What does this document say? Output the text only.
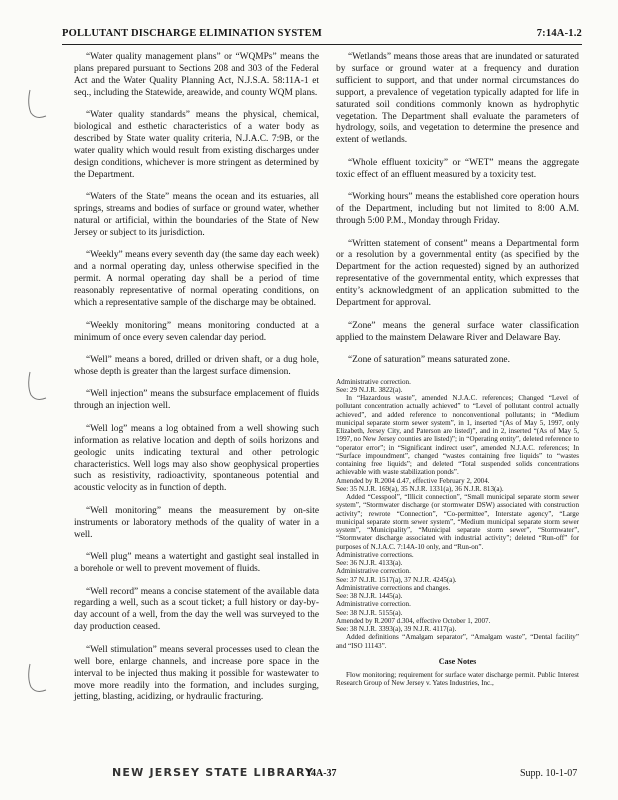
POLLUTANT DISCHARGE ELIMINATION SYSTEM	7:14A-1.2

“Water quality management plans” or “WQMPs” means the plans prepared pursuant to Sections 208 and 303 of the Federal Act and the Water Quality Planning Act, N.J.S.A. 58:11A-1 et seq., including the Statewide, areawide, and county WQM plans.

“Water quality standards” means the physical, chemical, biological and esthetic characteristics of a water body as described by State water quality criteria, N.J.A.C. 7:9B, or the water quality which would result from existing discharges under design conditions, whichever is more stringent as determined by the Department.

“Waters of the State” means the ocean and its estuaries, all springs, streams and bodies of surface or ground water, whether natural or artificial, within the boundaries of the State of New Jersey or subject to its jurisdiction.

“Weekly” means every seventh day (the same day each week) and a normal operating day, unless otherwise specified in the permit. A normal operating day shall be a period of time reasonably representative of normal operating conditions, on which a representative sample of the discharge may be obtained.

“Weekly monitoring” means monitoring conducted at a minimum of once every seven calendar day period.

“Well” means a bored, drilled or driven shaft, or a dug hole, whose depth is greater than the largest surface dimension.

“Well injection” means the subsurface emplacement of fluids through an injection well.

“Well log” means a log obtained from a well showing such information as relative location and depth of soils horizons and geologic units indicating textural and other petrologic characteristics. Well logs may also show geophysical properties such as resistivity, radioactivity, spontaneous potential and acoustic velocity as in function of depth.

“Well monitoring” means the measurement by on-site instruments or laboratory methods of the quality of water in a well.

“Well plug” means a watertight and gastight seal installed in a borehole or well to prevent movement of fluids.

“Well record” means a concise statement of the available data regarding a well, such as a scout ticket; a full history or day-by-day account of a well, from the day the well was surveyed to the day production ceased.

“Well stimulation” means several processes used to clean the well bore, enlarge channels, and increase pore space in the interval to be injected thus making it possible for wastewater to move more readily into the formation, and includes surging, jetting, blasting, acidizing, or hydraulic fracturing.

“Wetlands” means those areas that are inundated or saturated by surface or ground water at a frequency and duration sufficient to support, and that under normal circumstances do support, a prevalence of vegetation typically adapted for life in saturated soil conditions commonly known as hydrophytic vegetation. The Department shall evaluate the parameters of hydrology, soils, and vegetation to determine the presence and extent of wetlands.

“Whole effluent toxicity” or “WET” means the aggregate toxic effect of an effluent measured by a toxicity test.

“Working hours” means the established core operation hours of the Department, including but not limited to 8:00 A.M. through 5:00 P.M., Monday through Friday.

“Written statement of consent” means a Departmental form or a resolution by a governmental entity (as specified by the Department for the action requested) signed by an authorized representative of the governmental entity, which expresses that entity’s acknowledgment of an application submitted to the Department for approval.

“Zone” means the general surface water classification applied to the mainstem Delaware River and Delaware Bay.

“Zone of saturation” means saturated zone.

Administrative correction.

See: 29 N.J.R. 3822(a).

In “Hazardous waste”, amended N.J.A.C. references; Changed “Level of pollutant concentration actually achieved” to “Level of pollutant control actually achieved”, and added reference to nonconventional pollutants; in “Medium municipal separate storm sewer system”, in 1, inserted “(As of May 5, 1997, only Elizabeth, Jersey City, and Paterson are listed)”, and in 2, inserted “(As of May 5, 1997, no New Jersey counties are listed)”; in “Operating entity”, deleted reference to “operator error”; in “Significant indirect user”, amended N.J.A.C. references; In “Surface impoundment”, changed “wastes containing free liquids” to “wastes containing free liquids”; and deleted “Total suspended solids concentrations achievable with waste stabilization ponds”.

Amended by R.2004 d.47, effective February 2, 2004.

See: 35 N.J.R. 169(a), 35 N.J.R. 1331(a), 36 N.J.R. 813(a).

Added “Cesspool”, “Illicit connection”, “Small municipal separate storm sewer system”, “Stormwater discharge (or stormwater DSW) associated with construction activity”; rewrote “Connection”, “Co-permittee”, Interstate agency”, “Large municipal separate storm sewer system”, “Medium municipal separate storm sewer system”, “Municipality”, “Municipal separate storm sewer”, “Stormwater”, “Stormwater discharge associated with industrial activity”; deleted “Run-off” for purposes of N.J.A.C. 7:14A-10 only, and “Run-on”.

Administrative corrections.

See: 36 N.J.R. 4133(a).

Administrative correction.

See: 37 N.J.R. 1517(a), 37 N.J.R. 4245(a).

Administrative corrections and changes.

See: 38 N.J.R. 1445(a).

Administrative correction.

See: 38 N.J.R. 5155(a).

Amended by R.2007 d.304, effective October 1, 2007.

See: 38 N.J.R. 3393(a), 39 N.J.R. 4117(a).

Added definitions “Amalgam separator”, “Amalgam waste”, “Dental facility” and “ISO 11143”.

Case Notes

Flow monitoring; requirement for surface water discharge permit. Public Interest Research Group of New Jersey v. Yates Industries, Inc.,

NEW JERSEY STATE LIBRARY
14A-37	Supp. 10-1-07
